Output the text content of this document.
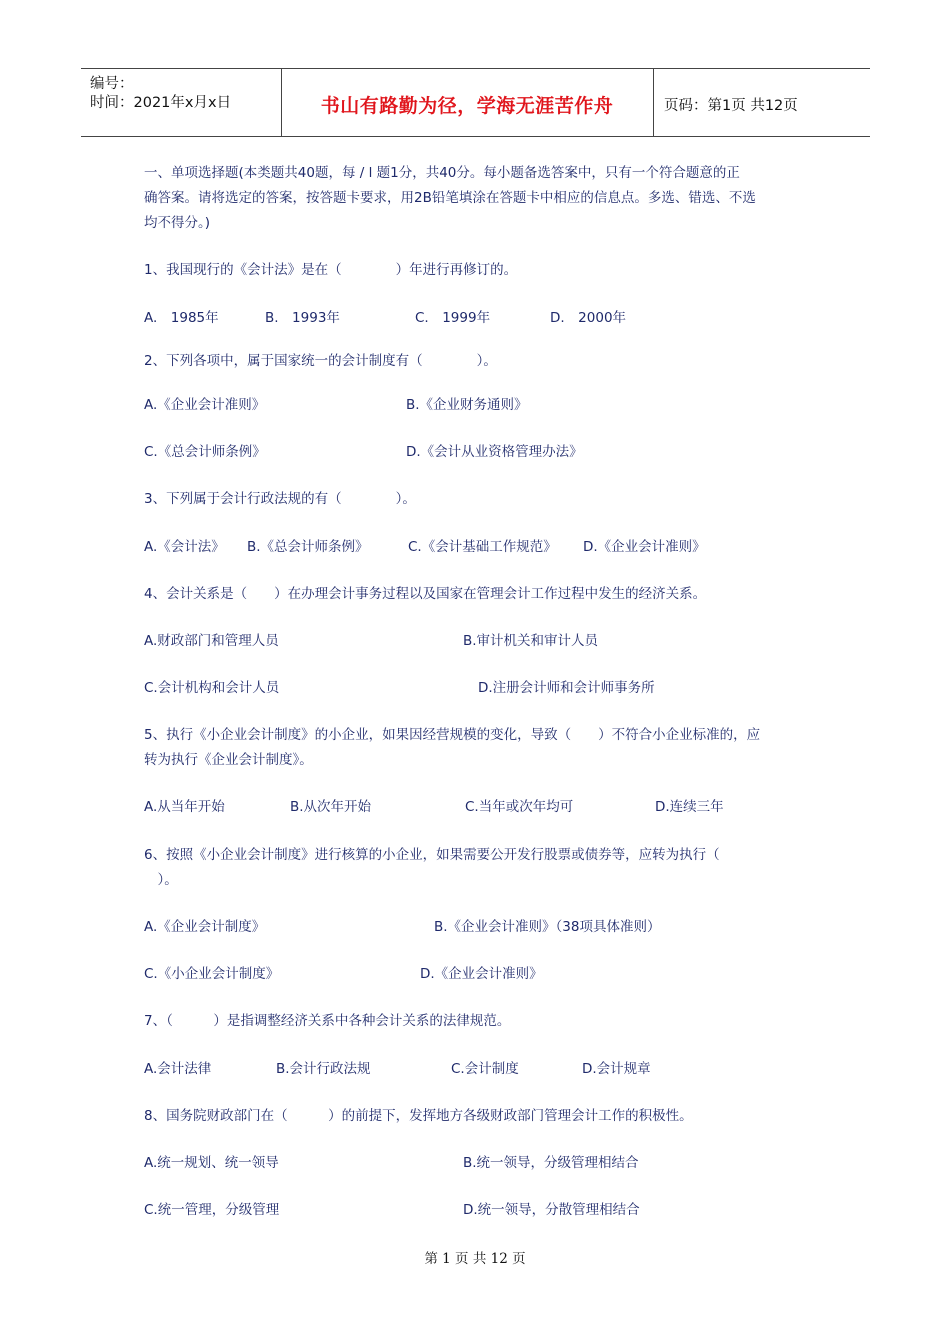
编号：
时间：2021年x月x日	书山有路勤为径，学海无涯苦作舟	页码：第1页 共12页
一、单项选择题(本类题共40题，每 / l 题1分，共40分。每小题备选答案中，只有一个符合题意的正
确答案。请将选定的答案，按答题卡要求，用2B铅笔填涂在答题卡中相应的信息点。多选、错选、不选
均不得分。)
1、我国现行的《会计法》是在（　　　　）年进行再修订的。
A.　1985年	B.　1993年	C.　1999年	D.　2000年
2、下列各项中，属于国家统一的会计制度有（　　　　）。
A.《企业会计准则》	B.《企业财务通则》
C.《总会计师条例》	D.《会计从业资格管理办法》
3、下列属于会计行政法规的有（　　　　）。
A.《会计法》 B.《总会计师条例》	C.《会计基础工作规范》 D.《企业会计准则》
4、会计关系是（　　）在办理会计事务过程以及国家在管理会计工作过程中发生的经济关系。
A.财政部门和管理人员	B.审计机关和审计人员
C.会计机构和会计人员	D.注册会计师和会计师事务所
5、执行《小企业会计制度》的小企业，如果因经营规模的变化，导致（　　）不符合小企业标准的，应
转为执行《企业会计制度》。
A.从当年开始	B.从次年开始	C.当年或次年均可	D.连续三年
6、按照《小企业会计制度》进行核算的小企业，如果需要公开发行股票或债券等，应转为执行（
　）。
A.《企业会计制度》	B.《企业会计准则》（38项具体准则）
C.《小企业会计制度》	D.《企业会计准则》
7、（　　　）是指调整经济关系中各种会计关系的法律规范。
A.会计法律	B.会计行政法规	C.会计制度	D.会计规章
8、国务院财政部门在（　　　）的前提下，发挥地方各级财政部门管理会计工作的积极性。
A.统一规划、统一领导	B.统一领导，分级管理相结合
C.统一管理，分级管理	D.统一领导，分散管理相结合
第 1 页 共 12 页
